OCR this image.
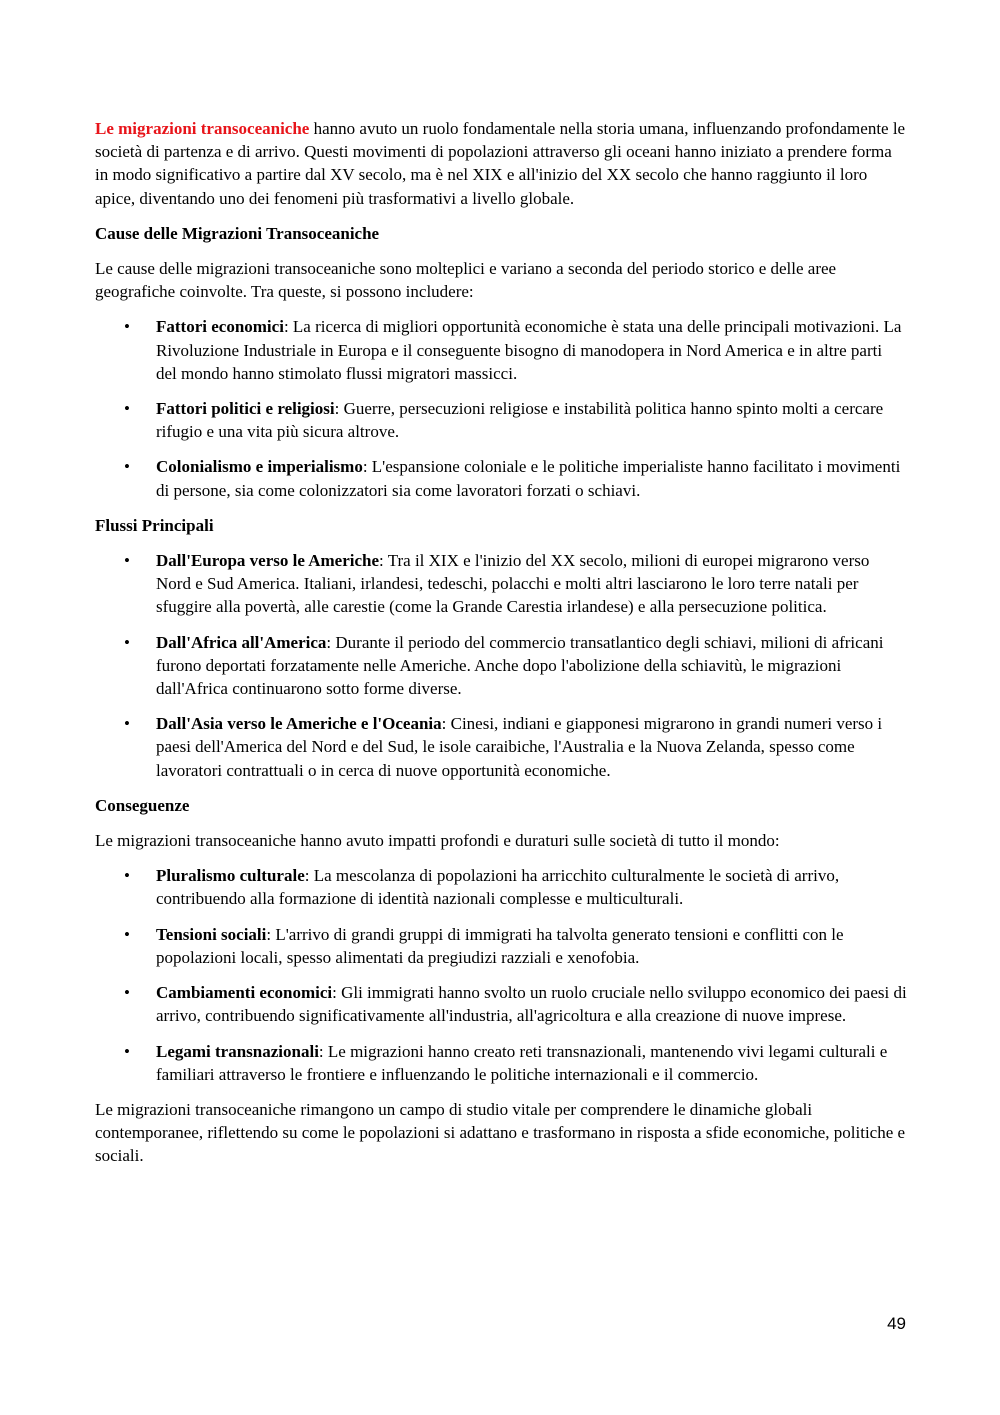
Le migrazioni transoceaniche hanno avuto un ruolo fondamentale nella storia umana, influenzando profondamente le società di partenza e di arrivo. Questi movimenti di popolazioni attraverso gli oceani hanno iniziato a prendere forma in modo significativo a partire dal XV secolo, ma è nel XIX e all'inizio del XX secolo che hanno raggiunto il loro apice, diventando uno dei fenomeni più trasformativi a livello globale.

Cause delle Migrazioni Transoceaniche

Le cause delle migrazioni transoceaniche sono molteplici e variano a seconda del periodo storico e delle aree geografiche coinvolte. Tra queste, si possono includere:

• Fattori economici: La ricerca di migliori opportunità economiche è stata una delle principali motivazioni. La Rivoluzione Industriale in Europa e il conseguente bisogno di manodopera in Nord America e in altre parti del mondo hanno stimolato flussi migratori massicci.
• Fattori politici e religiosi: Guerre, persecuzioni religiose e instabilità politica hanno spinto molti a cercare rifugio e una vita più sicura altrove.
• Colonialismo e imperialismo: L'espansione coloniale e le politiche imperialiste hanno facilitato i movimenti di persone, sia come colonizzatori sia come lavoratori forzati o schiavi.
Flussi Principali
• Dall'Europa verso le Americhe: Tra il XIX e l'inizio del XX secolo, milioni di europei migrarono verso Nord e Sud America. Italiani, irlandesi, tedeschi, polacchi e molti altri lasciarono le loro terre natali per sfuggire alla povertà, alle carestie (come la Grande Carestia irlandese) e alla persecuzione politica.
• Dall'Africa all'America: Durante il periodo del commercio transatlantico degli schiavi, milioni di africani furono deportati forzatamente nelle Americhe. Anche dopo l'abolizione della schiavitù, le migrazioni dall'Africa continuarono sotto forme diverse.
• Dall'Asia verso le Americhe e l'Oceania: Cinesi, indiani e giapponesi migrarono in grandi numeri verso i paesi dell'America del Nord e del Sud, le isole caraibiche, l'Australia e la Nuova Zelanda, spesso come lavoratori contrattuali o in cerca di nuove opportunità economiche.
Conseguenze

Le migrazioni transoceaniche hanno avuto impatti profondi e duraturi sulle società di tutto il mondo:

• Pluralismo culturale: La mescolanza di popolazioni ha arricchito culturalmente le società di arrivo, contribuendo alla formazione di identità nazionali complesse e multiculturali.
• Tensioni sociali: L'arrivo di grandi gruppi di immigrati ha talvolta generato tensioni e conflitti con le popolazioni locali, spesso alimentati da pregiudizi razziali e xenofobia.
• Cambiamenti economici: Gli immigrati hanno svolto un ruolo cruciale nello sviluppo economico dei paesi di arrivo, contribuendo significativamente all'industria, all'agricoltura e alla creazione di nuove imprese.
• Legami transnazionali: Le migrazioni hanno creato reti transnazionali, mantenendo vivi legami culturali e familiari attraverso le frontiere e influenzando le politiche internazionali e il commercio.

Le migrazioni transoceaniche rimangono un campo di studio vitale per comprendere le dinamiche globali contemporanee, riflettendo su come le popolazioni si adattano e trasformano in risposta a sfide economiche, politiche e sociali.

49
